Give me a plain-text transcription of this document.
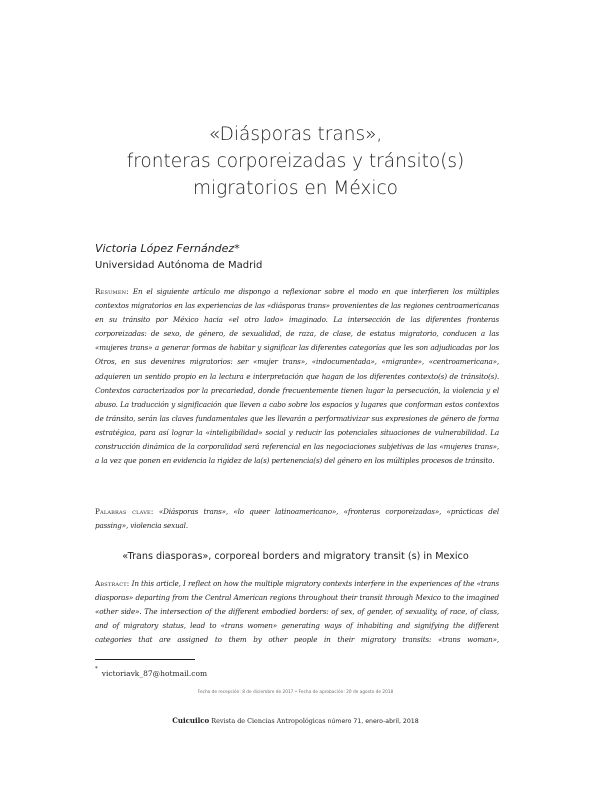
«Diásporas trans»,
fronteras corporeizadas y tránsito(s)
migratorios en México
Victoria López Fernández*
Universidad Autónoma de Madrid
Resumen: En el siguiente artículo me dispongo a reflexionar sobre el modo en que interfieren los múltiples contextos migratorios en las experiencias de las «diásporas trans» provenientes de las regiones centroamericanas en su tránsito por México hacia «el otro lado» imaginado. La intersección de las diferentes fronteras corporeizadas: de sexo, de género, de sexualidad, de raza, de clase, de estatus migratorio, conducen a las «mujeres trans» a generar formas de habitar y significar las diferentes categorías que les son adjudicadas por los Otros, en sus devenires migratorios: ser «mujer trans», «indocumentada», «migrante», «centroamericana», adquieren un sentido propio en la lectura e interpretación que hagan de los diferentes contexto(s) de tránsito(s). Contextos caracterizados por la precariedad, donde frecuentemente tienen lugar la persecución, la violencia y el abuso. La traducción y significación que lleven a cabo sobre los espacios y lugares que conforman estos contextos de tránsito, serán las claves fundamentales que les llevarán a performativizar sus expresiones de género de forma estratégica, para así lograr la «inteligibilidad» social y reducir las potenciales situaciones de vulnerabilidad. La construcción dinámica de la corporalidad será referencial en las negociaciones subjetivas de las «mujeres trans», a la vez que ponen en evidencia la rigidez de la(s) pertenencia(s) del género en los múltiples procesos de tránsito.
Palabras clave: «Diásporas trans», «lo queer latinoamericano», «fronteras corporeizadas», «prácticas del passing», violencia sexual.
«Trans diasporas», corporeal borders and migratory transit (s) in Mexico
Abstract: In this article, I reflect on how the multiple migratory contexts interfere in the experiences of the «trans diasporas» departing from the Central American regions throughout their transit through Mexico to the imagined «other side». The intersection of the different embodied borders: of sex, of gender, of sexuality, of race, of class, and of migratory status, lead to «trans women» generating ways of inhabiting and signifying the different categories that are assigned to them by other people in their migratory transits: «trans woman»,
* victoriavk_87@hotmail.com
Fecha de recepción: 8 de diciembre de 2017 • Fecha de aprobación: 20 de agosto de 2018
Cuicuilco Revista de Ciencias Antropológicas número 71, enero-abril, 2018
